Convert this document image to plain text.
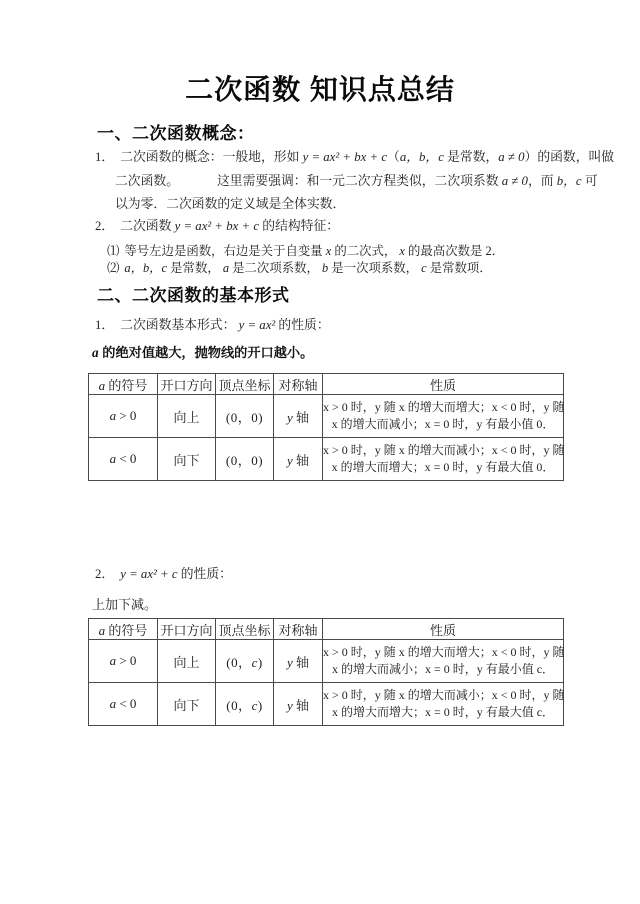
二次函数 知识点总结
一、二次函数概念：
1． 二次函数的概念：一般地，形如 y = ax² + bx + c（a，b，c 是常数，a ≠ 0）的函数，叫做
二次函数。	这里需要强调：和一元二次方程类似，二次项系数 a ≠ 0，而 b，c 可
以为零．二次函数的定义域是全体实数．
2． 二次函数 y = ax² + bx + c 的结构特征：
⑴ 等号左边是函数，右边是关于自变量 x 的二次式， x 的最高次数是 2．
⑵ a，b，c 是常数， a 是二次项系数， b 是一次项系数， c 是常数项．
二、二次函数的基本形式
1． 二次函数基本形式： y = ax² 的性质：
a 的绝对值越大，抛物线的开口越小。
a 的符号	开口方向	顶点坐标	对称轴	性质
a > 0	向上	(0，0)	y 轴	x > 0 时，y 随 x 的增大而增大；x < 0 时，y 随
x 的增大而减小；x = 0 时，y 有最小值 0．

a < 0	向下	(0，0)	y 轴	x > 0 时，y 随 x 的增大而减小；x < 0 时，y 随
x 的增大而增大；x = 0 时，y 有最大值 0．
2． y = ax² + c 的性质：
上加下减。
a 的符号	开口方向	顶点坐标	对称轴	性质
a > 0	向上	(0，c)	y 轴	x > 0 时，y 随 x 的增大而增大；x < 0 时，y 随
x 的增大而减小；x = 0 时，y 有最小值 c．

a < 0	向下	(0，c)	y 轴	x > 0 时，y 随 x 的增大而减小；x < 0 时，y 随
x 的增大而增大；x = 0 时，y 有最大值 c．
